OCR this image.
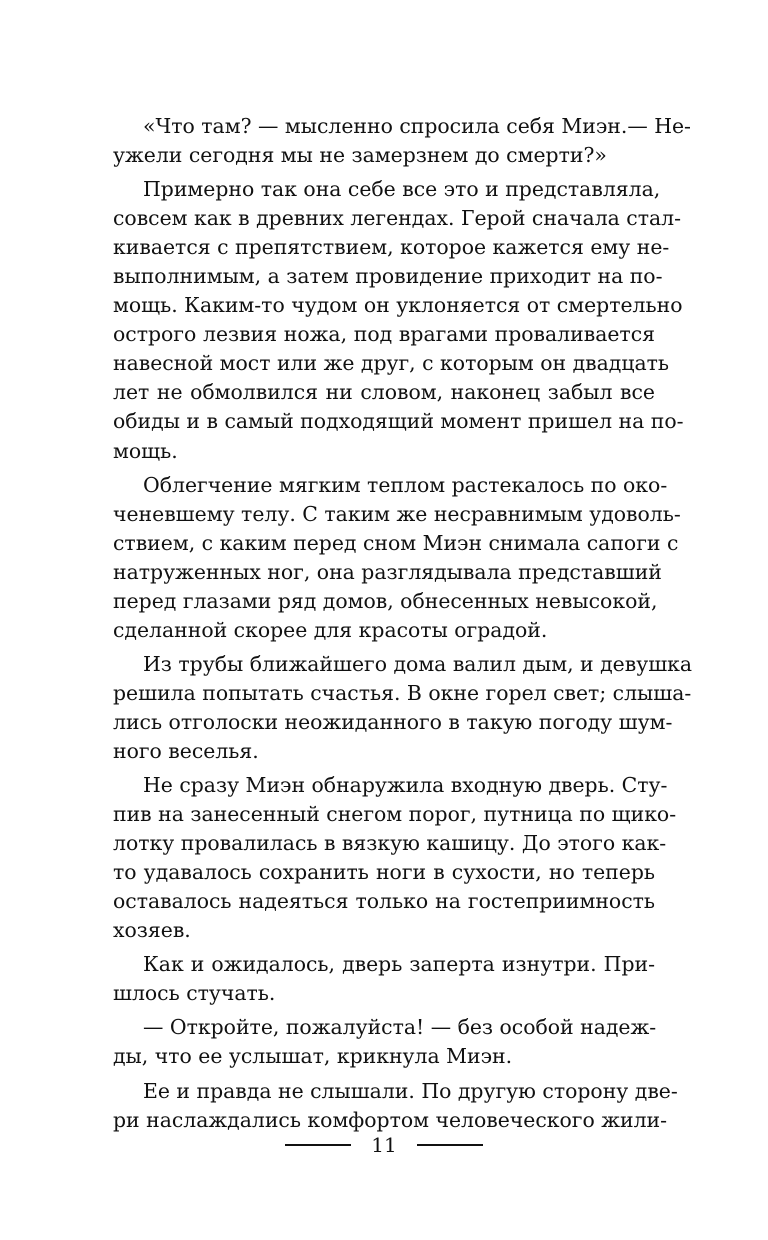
«Что там? — мысленно спросила себя Миэн.— Не-
ужели сегодня мы не замерзнем до смерти?»
Примерно так она себе все это и представляла,
совсем как в древних легендах. Герой сначала стал-
кивается с препятствием, которое кажется ему не-
выполнимым, а затем провидение приходит на по-
мощь. Каким-то чудом он уклоняется от смертельно
острого лезвия ножа, под врагами проваливается
навесной мост или же друг, с которым он двадцать
лет не обмолвился ни словом, наконец забыл все
обиды и в самый подходящий момент пришел на по-
мощь.
Облегчение мягким теплом растекалось по око-
ченевшему телу. С таким же несравнимым удоволь-
ствием, с каким перед сном Миэн снимала сапоги с
натруженных ног, она разглядывала представший
перед глазами ряд домов, обнесенных невысокой,
сделанной скорее для красоты оградой.
Из трубы ближайшего дома валил дым, и девушка
решила попытать счастья. В окне горел свет; слыша-
лись отголоски неожиданного в такую погоду шум-
ного веселья.
Не сразу Миэн обнаружила входную дверь. Сту-
пив на занесенный снегом порог, путница по щико-
лотку провалилась в вязкую кашицу. До этого как-
то удавалось сохранить ноги в сухости, но теперь
оставалось надеяться только на гостеприимность
хозяев.
Как и ожидалось, дверь заперта изнутри. При-
шлось стучать.
— Откройте, пожалуйста! — без особой надеж-
ды, что ее услышат, крикнула Миэн.
Ее и правда не слышали. По другую сторону две-
ри наслаждались комфортом человеческого жили-
11
